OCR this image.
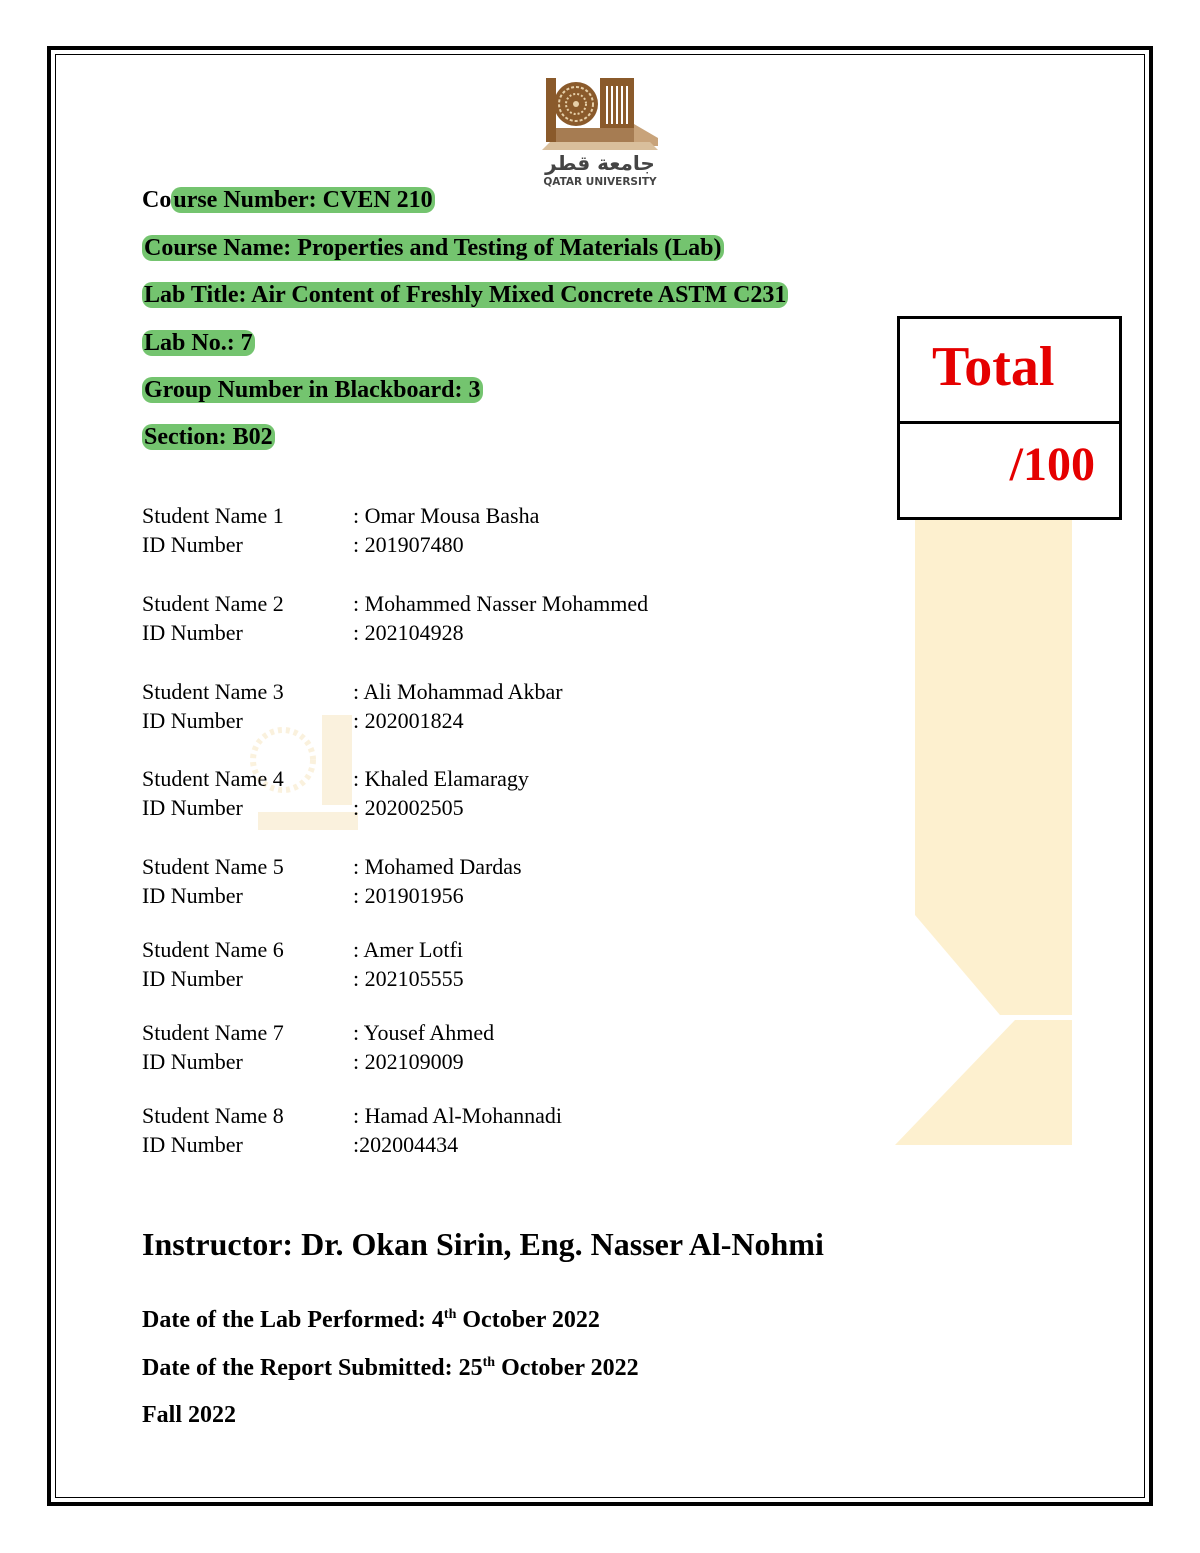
جامعة قطر
QATAR UNIVERSITY
Course Number: CVEN 210
Course Name: Properties and Testing of Materials (Lab)
Lab Title: Air Content of Freshly Mixed Concrete ASTM C231
Lab No.: 7
Group Number in Blackboard: 3
Section: B02
Total
/100
Student Name 1	: Omar Mousa Basha
ID Number	: 201907480
Student Name 2	: Mohammed Nasser Mohammed
ID Number	: 202104928
Student Name 3	: Ali Mohammad Akbar
ID Number	: 202001824
Student Name 4	: Khaled Elamaragy
ID Number	: 202002505
Student Name 5	: Mohamed Dardas
ID Number	: 201901956
Student Name 6	: Amer Lotfi
ID Number	: 202105555
Student Name 7	: Yousef Ahmed
ID Number	: 202109009
Student Name 8	: Hamad Al-Mohannadi
ID Number	:202004434
Instructor: Dr. Okan Sirin, Eng. Nasser Al-Nohmi
Date of the Lab Performed: 4th October 2022
Date of the Report Submitted: 25th October 2022
Fall 2022
